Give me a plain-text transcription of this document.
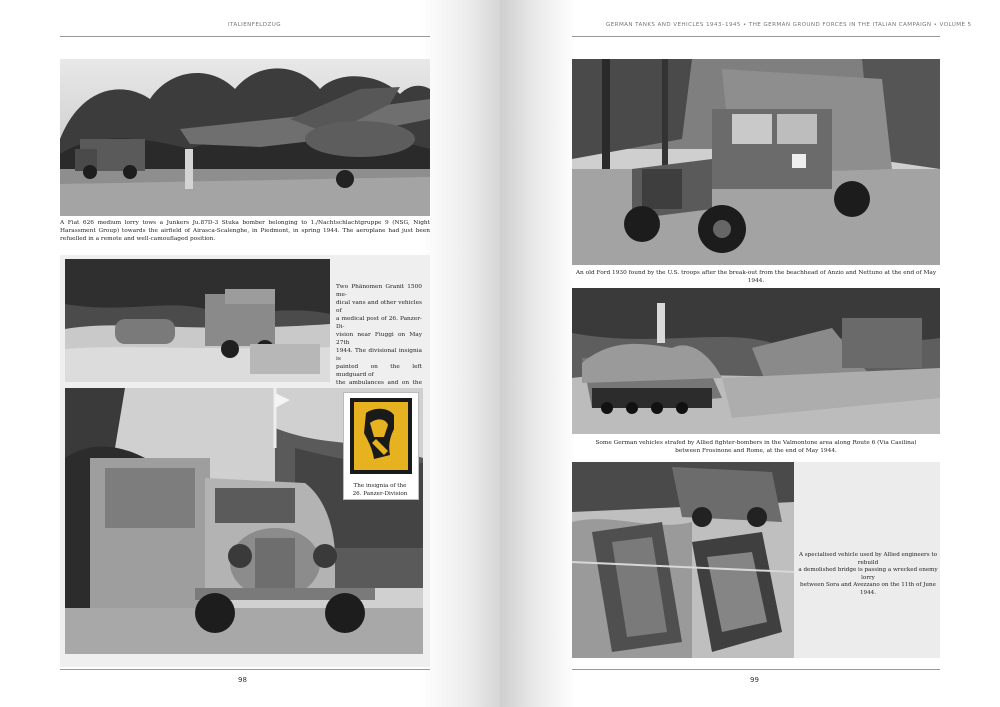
ITALIENFELDZUG
A Fiat 626 medium lorry tows a Junkers Ju.87D-3 Stuka bomber belonging to 1./Nachtschlachtgruppe 9 (NSG, Night Harassment Group) towards the airfield of Airasca-Scalenghe, in Piedmont, in spring 1944. The aeroplane had just been refuelled in a remote and well-camouflaged position.
Two Phänomen Granit 1500 me-
dical vans and other vehicles of
a medical post of 26. Panzer-Di-
vision near Fiuggi on May 27th
1944. The divisional insignia is
painted on the left mudguard of
the ambulances and on the
The insignia of the
26. Panzer-Division
98
GERMAN TANKS AND VEHICLES 1943–1945 • THE GERMAN GROUND FORCES IN THE ITALIAN CAMPAIGN • VOLUME 5
An old Ford 1930 found by the U.S. troops after the break-out from the beachhead of Anzio and Nettuno at the end of May 1944.
Some German vehicles strafed by Allied fighter-bombers in the Valmontone area along Route 6 (Via Casilina)
between Frosinone and Rome, at the end of May 1944.
A specialised vehicle used by Allied engineers to rebuild
a demolished bridge is passing a wrecked enemy lorry
between Sora and Avezzano on the 11th of June 1944.
99
